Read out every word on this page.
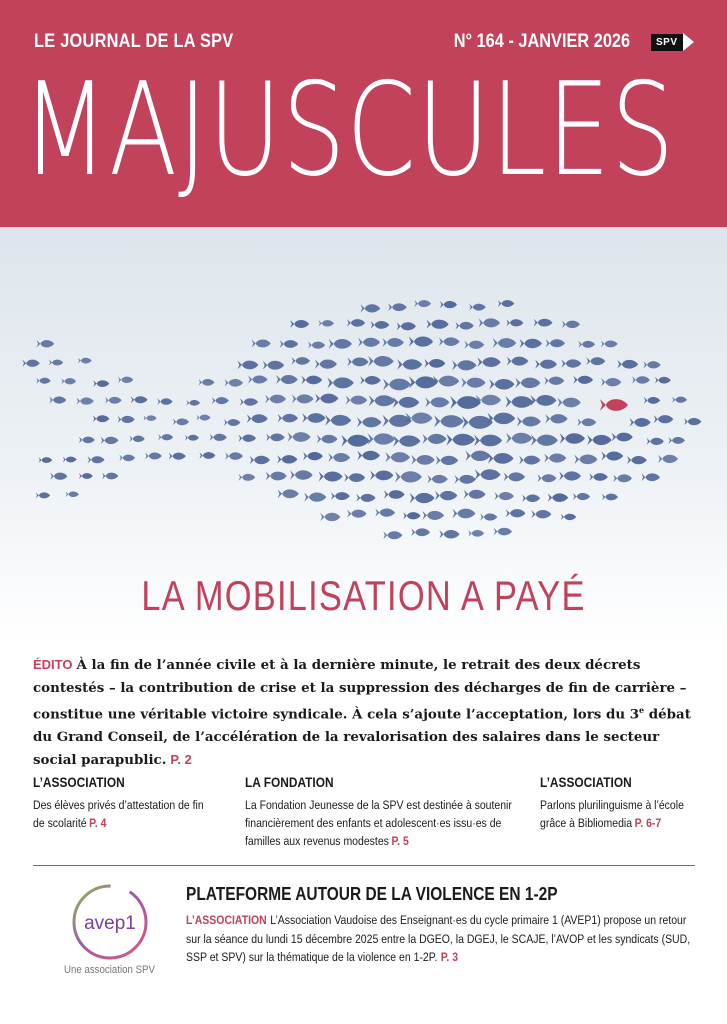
LE JOURNAL DE LA SPV	N° 164 - JANVIER 2026	SPV
MAJUSCULES
LA MOBILISATION A PAYÉ
ÉDITO À la fin de l’année civile et à la dernière minute, le retrait des deux décrets contestés – la contribution de crise et la suppression des décharges de fin de carrière – constitue une véritable victoire syndicale. À cela s’ajoute l’acceptation, lors du 3e débat du Grand Conseil, de l’accélération de la revalorisation des salaires dans le secteur social parapublic. P. 2
L’ASSOCIATION
Des élèves privés d’attestation de fin de scolarité P. 4
LA FONDATION
La Fondation Jeunesse de la SPV est destinée à soutenir financièrement des enfants et adolescent·es issu·es de familles aux revenus modestes P. 5
L’ASSOCIATION
Parlons plurilinguisme à l’école grâce à Bibliomedia P. 6-7
avep1
Une association SPV
PLATEFORME AUTOUR DE LA VIOLENCE EN 1-2P
L’ASSOCIATION L’Association Vaudoise des Enseignant·es du cycle primaire 1 (AVEP1) propose un retour sur la séance du lundi 15 décembre 2025 entre la DGEO, la DGEJ, le SCAJE, l’AVOP et les syndicats (SUD, SSP et SPV) sur la thématique de la violence en 1-2P. P. 3
